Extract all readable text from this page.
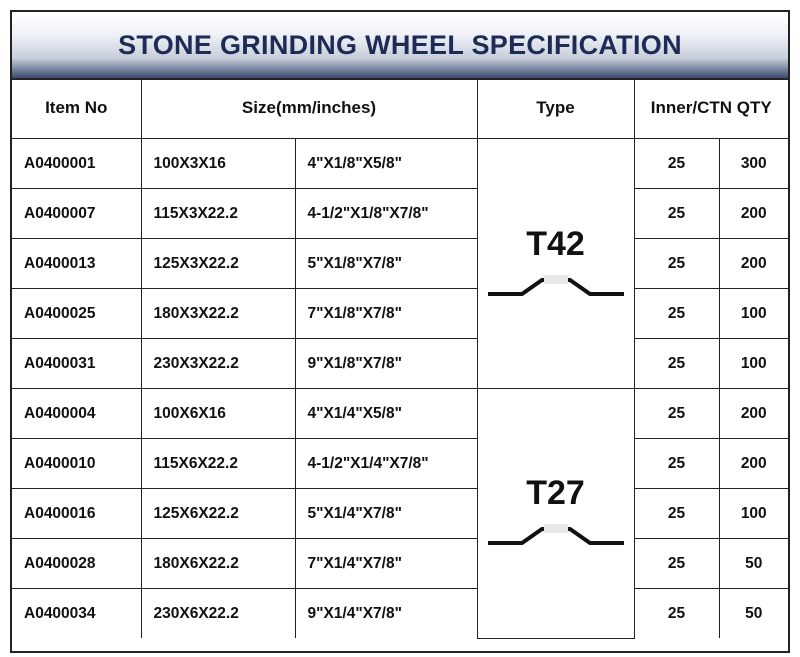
STONE GRINDING WHEEL SPECIFICATION
Item No	Size(mm/inches)		Type	Inner/CTN QTY	
A0400001	100X3X16	4"X1/8"X5/8"	T42	25	300
A0400007	115X3X22.2	4-1/2"X1/8"X7/8"		25	200
A0400013	125X3X22.2	5"X1/8"X7/8"		25	200
A0400025	180X3X22.2	7"X1/8"X7/8"		25	100
A0400031	230X3X22.2	9"X1/8"X7/8"		25	100
A0400004	100X6X16	4"X1/4"X5/8"	T27	25	200
A0400010	115X6X22.2	4-1/2"X1/4"X7/8"		25	200
A0400016	125X6X22.2	5"X1/4"X7/8"		25	100
A0400028	180X6X22.2	7"X1/4"X7/8"		25	50
A0400034	230X6X22.2	9"X1/4"X7/8"		25	50
